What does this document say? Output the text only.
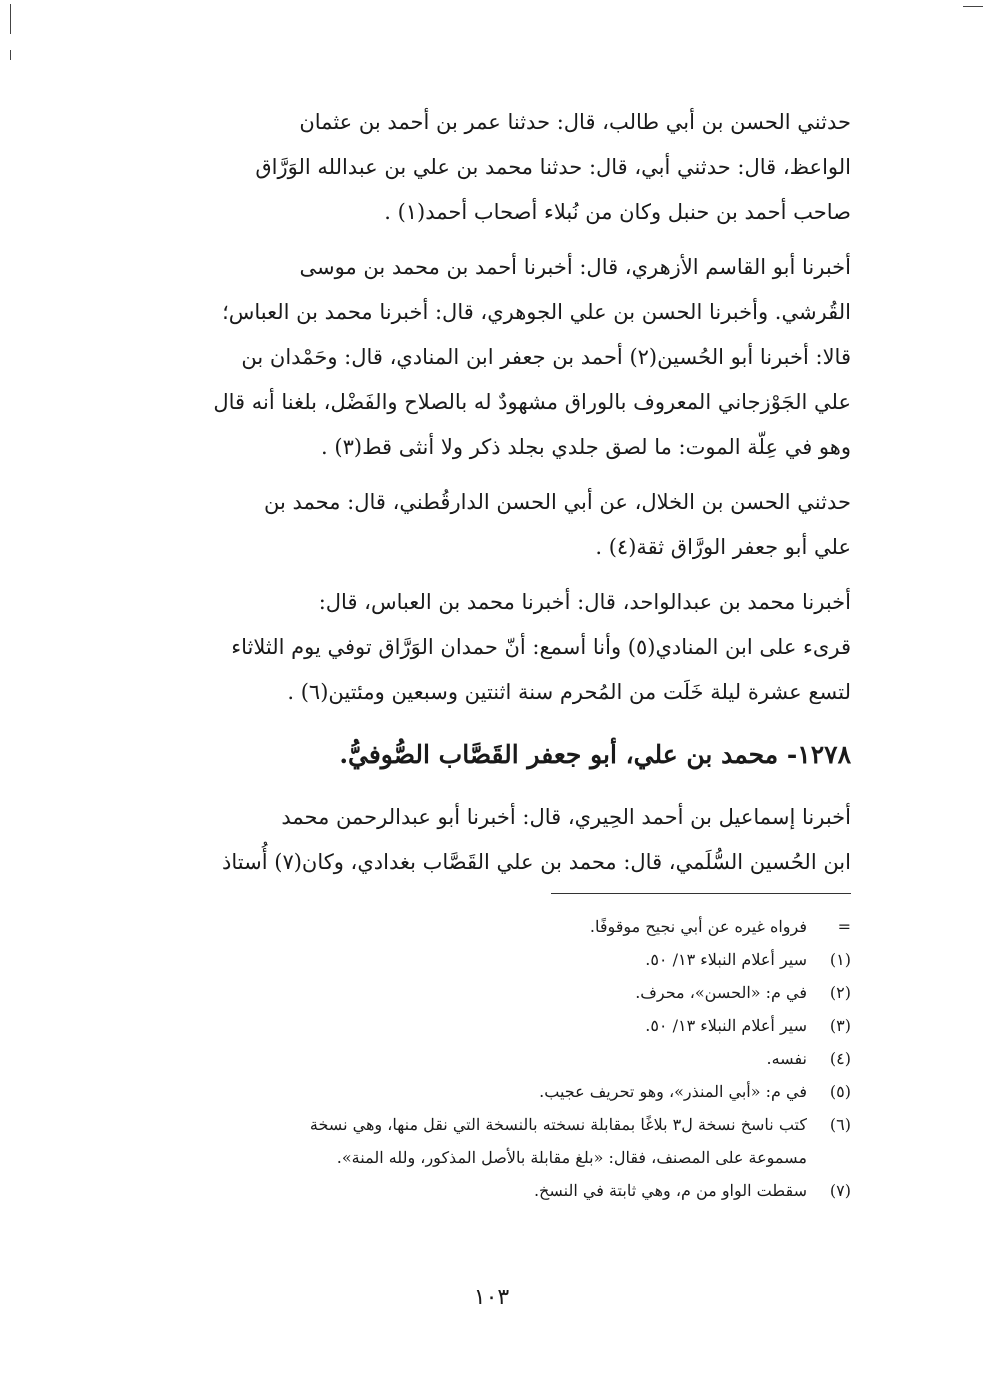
حدثني الحسن بن أبي طالب، قال: حدثنا عمر بن أحمد بن عثمان
الواعظ، قال: حدثني أبي، قال: حدثنا محمد بن علي بن عبدالله الوَرَّاق
صاحب أحمد بن حنبل وكان من نُبلاء أصحاب أحمد(١) .

أخبرنا أبو القاسم الأزهري، قال: أخبرنا أحمد بن محمد بن موسى
القُرشي. وأخبرنا الحسن بن علي الجوهري، قال: أخبرنا محمد بن العباس؛
قالا: أخبرنا أبو الحُسين(٢) أحمد بن جعفر ابن المنادي، قال: وحَمْدان بن
علي الجَوْزجاني المعروف بالوراق مشهودٌ له بالصلاح والفَضْل، بلغنا أنه قال
وهو في عِلّة الموت: ما لصق جلدي بجلد ذكر ولا أنثى قط(٣) .

حدثني الحسن بن الخلال، عن أبي الحسن الدارقُطني، قال: محمد بن
علي أبو جعفر الورَّاق ثقة(٤) .

أخبرنا محمد بن عبدالواحد، قال: أخبرنا محمد بن العباس، قال:
قرىء على ابن المنادي(٥) وأنا أسمع: أنّ حمدان الوَرَّاق توفي يوم الثلاثاء
لتسع عشرة ليلة خَلَت من المُحرم سنة اثنتين وسبعين ومئتين(٦) .

١٢٧٨- محمد بن علي، أبو جعفر القَصَّاب الصُّوفيُّ.

أخبرنا إسماعيل بن أحمد الحِيري، قال: أخبرنا أبو عبدالرحمن محمد
ابن الحُسين السُّلَمي، قال: محمد بن علي القَصَّاب بغدادي، وكان(٧) أُستاذ

=
فرواه غيره عن أبي نجيح موقوفًا.
(١)
سير أعلام النبلاء ١٣/ ٥٠.
(٢)
في م: «الحسن»، محرف.
(٣)
سير أعلام النبلاء ١٣/ ٥٠.
(٤)
نفسه.
(٥)
في م: «أبي المنذر»، وهو تحريف عجيب.
(٦)
كتب ناسخ نسخة ل٣ بلاغًا بمقابلة نسخته بالنسخة التي نقل منها، وهي نسخة
مسموعة على المصنف، فقال: «بلغ مقابلة بالأصل المذكور، ولله المنة».
(٧)
سقطت الواو من م، وهي ثابتة في النسخ.
١٠٣
